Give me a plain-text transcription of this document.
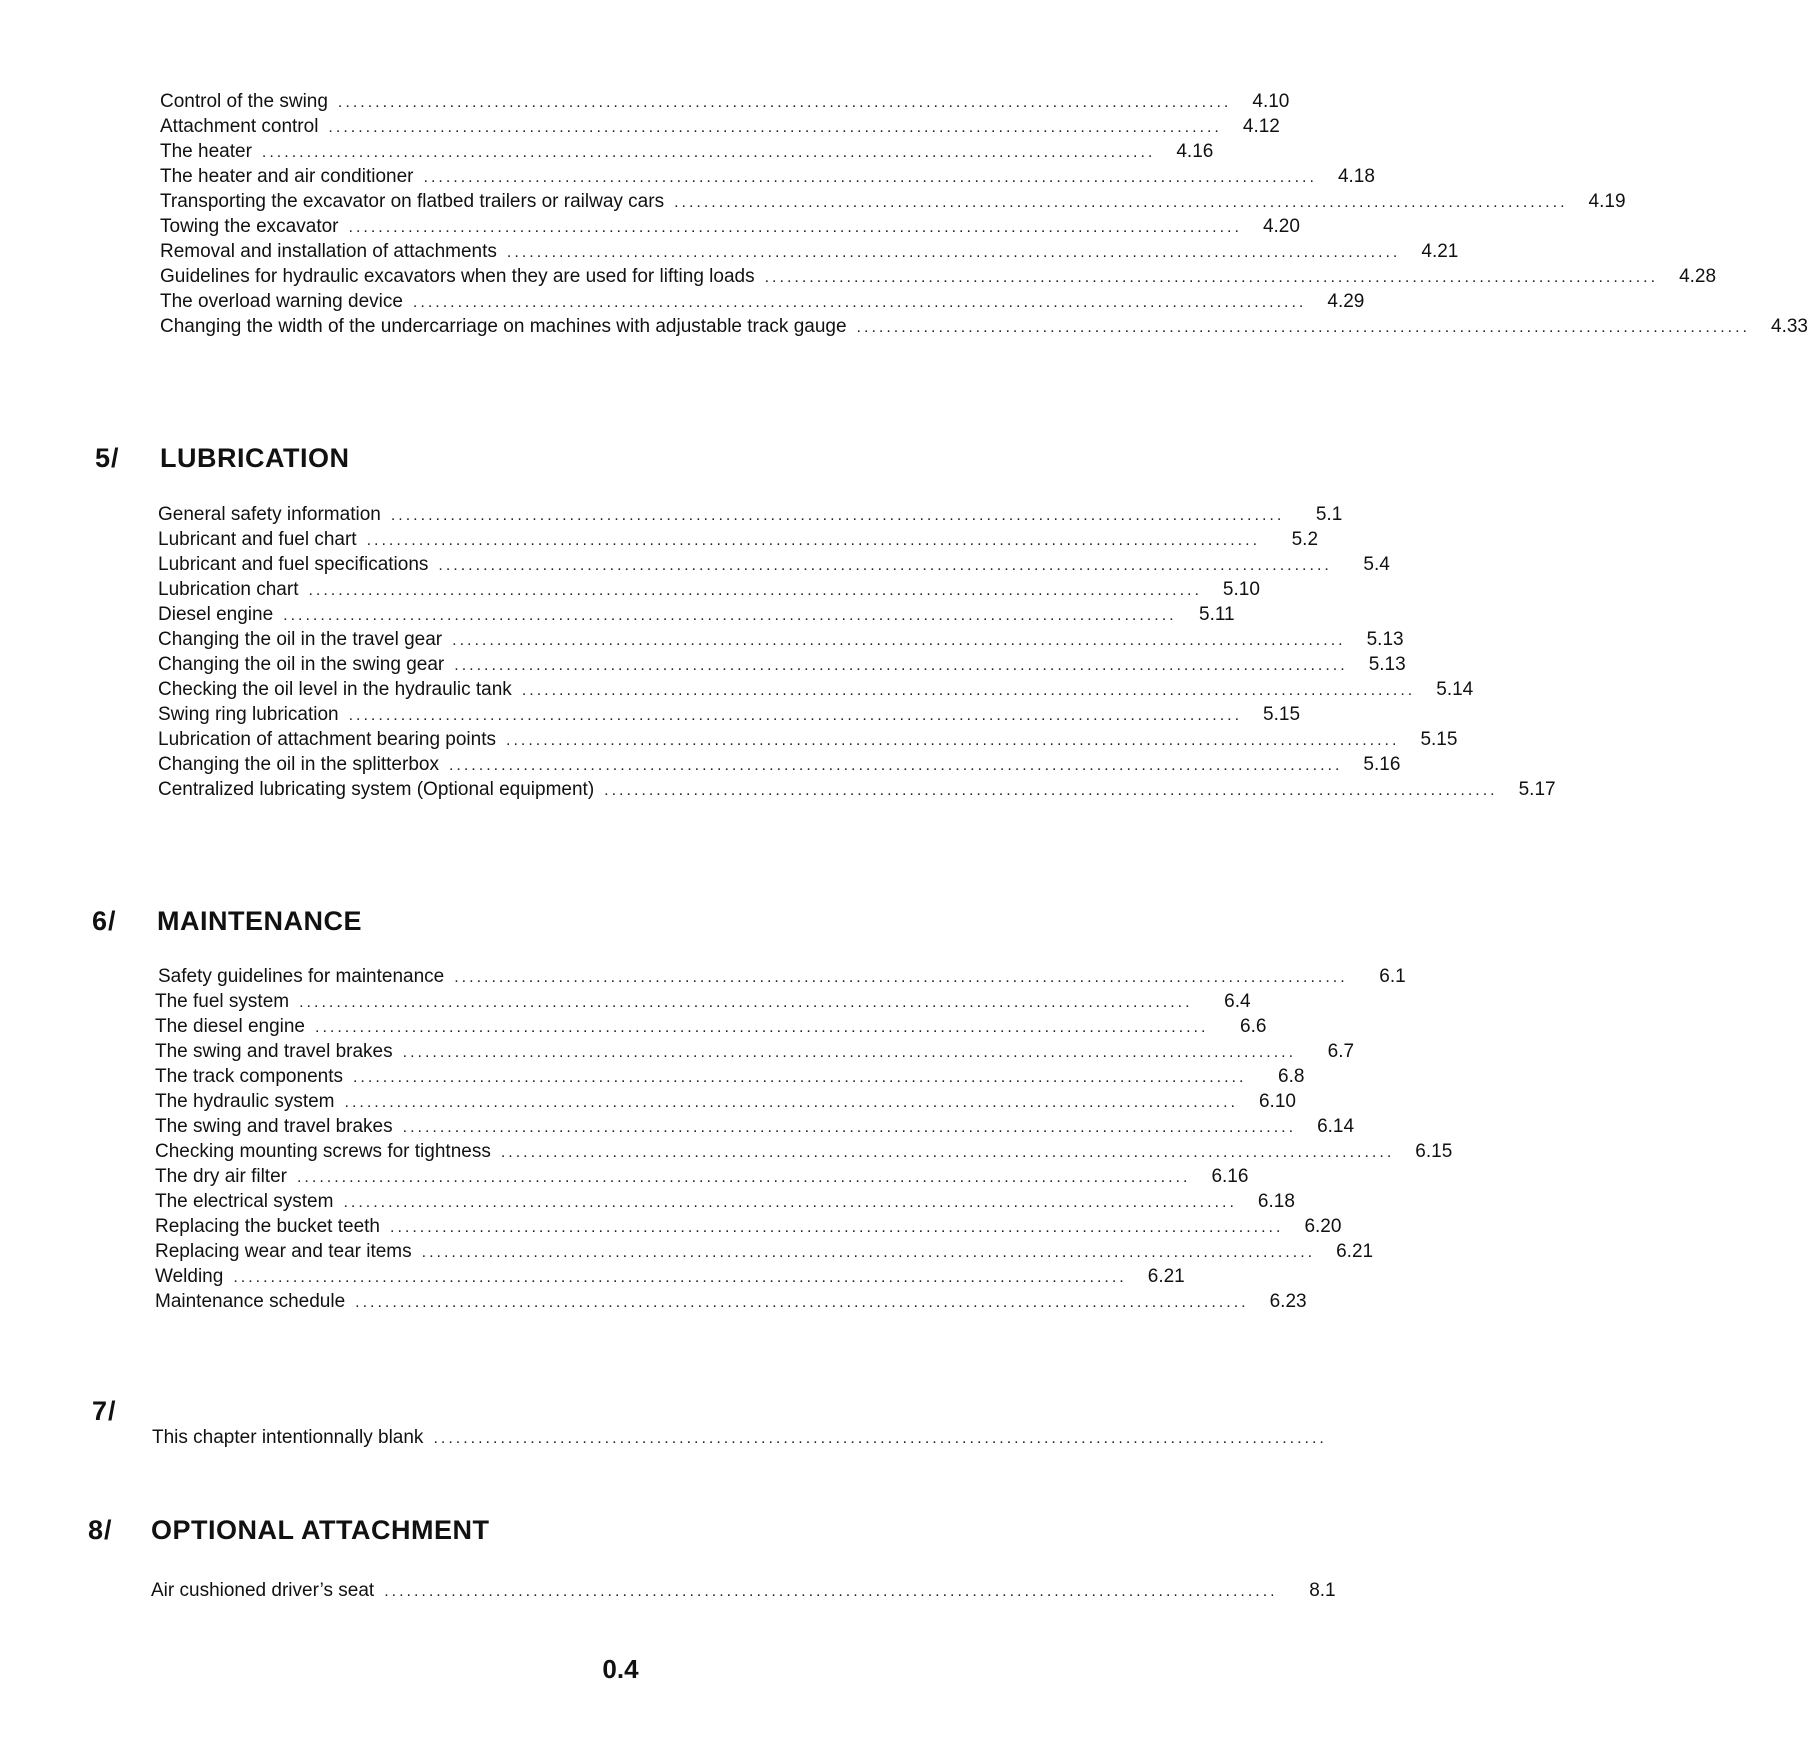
Control of the swing ........................................................................................................................	4.10
Attachment control ........................................................................................................................	4.12
The heater ........................................................................................................................	4.16
The heater and air conditioner ........................................................................................................................	4.18
Transporting the excavator on flatbed trailers or railway cars ........................................................................................................................	4.19
Towing the excavator ........................................................................................................................	4.20
Removal and installation of attachments ........................................................................................................................	4.21
Guidelines for hydraulic excavators when they are used for lifting loads ........................................................................................................................	4.28
The overload warning device ........................................................................................................................	4.29
Changing the width of the undercarriage on machines with adjustable track gauge ........................................................................................................................	4.33
5/ LUBRICATION
General safety information ........................................................................................................................	5.1
Lubricant and fuel chart ........................................................................................................................	5.2
Lubricant and fuel specifications ........................................................................................................................	5.4
Lubrication chart ........................................................................................................................	5.10
Diesel engine ........................................................................................................................	5.11
Changing the oil in the travel gear ........................................................................................................................	5.13
Changing the oil in the swing gear ........................................................................................................................	5.13
Checking the oil level in the hydraulic tank ........................................................................................................................	5.14
Swing ring lubrication ........................................................................................................................	5.15
Lubrication of attachment bearing points ........................................................................................................................	5.15
Changing the oil in the splitterbox ........................................................................................................................	5.16
Centralized lubricating system (Optional equipment) ........................................................................................................................	5.17
6/ MAINTENANCE
Safety guidelines for maintenance ........................................................................................................................	6.1
The fuel system ........................................................................................................................	6.4
The diesel engine ........................................................................................................................	6.6
The swing and travel brakes ........................................................................................................................	6.7
The track components ........................................................................................................................	6.8
The hydraulic system ........................................................................................................................	6.10
The swing and travel brakes ........................................................................................................................	6.14
Checking mounting screws for tightness ........................................................................................................................	6.15
The dry air filter ........................................................................................................................	6.16
The electrical system ........................................................................................................................	6.18
Replacing the bucket teeth ........................................................................................................................	6.20
Replacing wear and tear items ........................................................................................................................	6.21
Welding ........................................................................................................................	6.21
Maintenance schedule ........................................................................................................................	6.23
7/
This chapter intentionnally blank ........................................................................................................................
8/ OPTIONAL ATTACHMENT
Air cushioned driver’s seat ........................................................................................................................	8.1
0.4
